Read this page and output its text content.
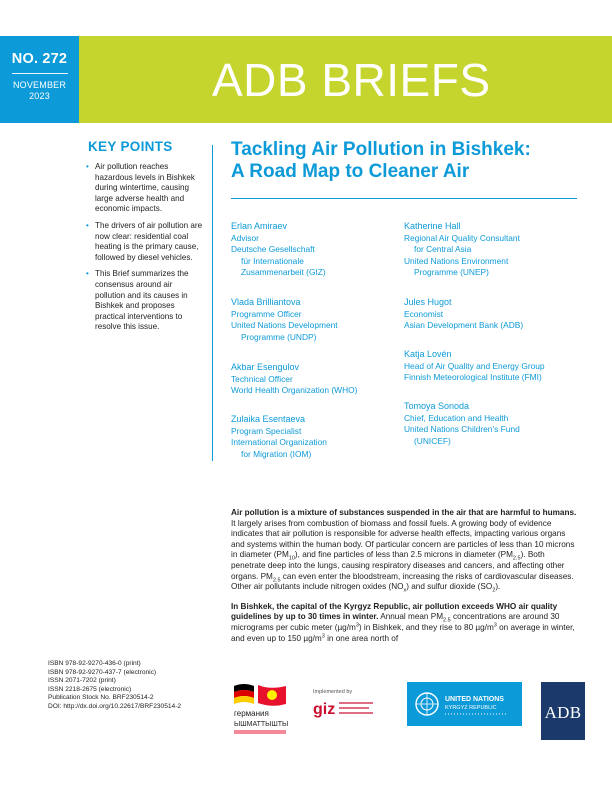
NO. 272
NOVEMBER
2023	ADB BRIEFS
KEY POINTS
• Air pollution reaches hazardous levels in Bishkek during wintertime, causing large adverse health and economic impacts.
• The drivers of air pollution are now clear: residential coal heating is the primary cause, followed by diesel vehicles.
• This Brief summarizes the consensus around air pollution and its causes in Bishkek and proposes practical interventions to resolve this issue.
Tackling Air Pollution in Bishkek:
A Road Map to Cleaner Air
Erlan Amiraev
Advisor
Deutsche Gesellschaft
für Internationale
Zusammenarbeit (GIZ)
Vlada Brilliantova
Programme Officer
United Nations Development
Programme (UNDP)
Akbar Esengulov
Technical Officer
World Health Organization (WHO)
Zulaika Esentaeva
Program Specialist
International Organization
for Migration (IOM)
Katherine Hall
Regional Air Quality Consultant
for Central Asia
United Nations Environment
Programme (UNEP)
Jules Hugot
Economist
Asian Development Bank (ADB)
Katja Lovén
Head of Air Quality and Energy Group
Finnish Meteorological Institute (FMI)
Tomoya Sonoda
Chief, Education and Health
United Nations Children’s Fund
(UNICEF)

Air pollution is a mixture of substances suspended in the air that are harmful to humans. It largely arises from combustion of biomass and fossil fuels. A growing body of evidence indicates that air pollution is responsible for adverse health effects, impacting various organs and systems within the human body. Of particular concern are particles of less than 10 microns in diameter $(PM_{10})$, and fine particles of less than 2.5 microns in diameter $(PM_{2.5})$. Both penetrate deep into the lungs, causing respiratory diseases and cancers, and affecting other organs. $PM_{2.5}$ can even enter the bloodstream, increasing the risks of cardiovascular diseases. Other air pollutants include nitrogen oxides $(NO_x)$ and sulfur dioxide $(SO_2)$.

In Bishkek, the capital of the Kyrgyz Republic, air pollution exceeds WHO air quality guidelines by up to 30 times in winter. Annual mean $PM_{2.5}$ concentrations are around 30 micrograms per cubic meter $(\mu g/m^3)$ in Bishkek, and they rise to 80 $\mu g/m^3$ on average in winter, and even up to 150 $\mu g/m^3$ in one area north of

ISBN 978-92-9270-436-0 (print)
ISBN 978-92-9270-437-7 (electronic)
ISSN 2071-7202 (print)
ISSN 2218-2675 (electronic)
Publication Stock No. BRF230514-2
DOI: http://dx.doi.org/10.22617/BRF230514-2
германия
ЫШМАТТЫШТЫ
Implemented by
giz
UNITED NATIONS
KYRGYZ REPUBLIC	ADB
